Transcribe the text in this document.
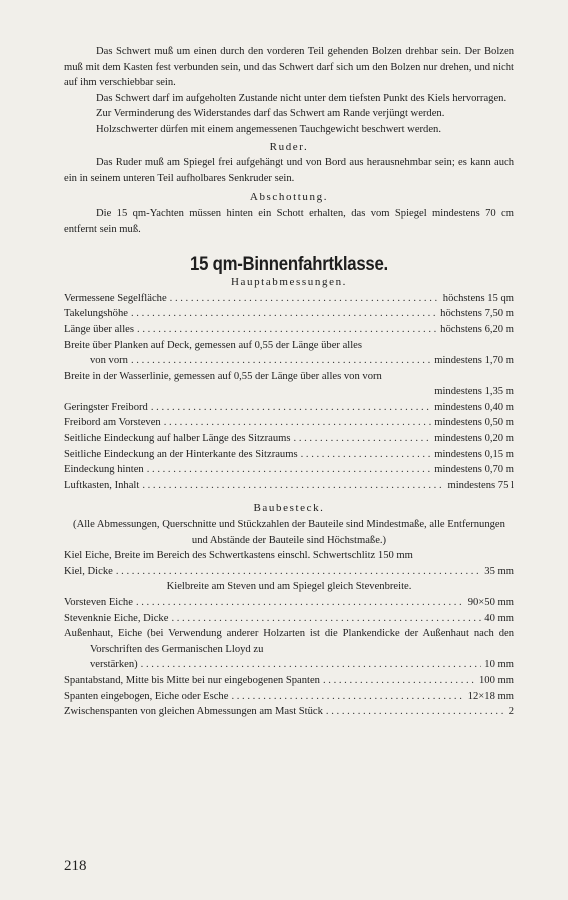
Das Schwert muß um einen durch den vorderen Teil gehenden Bolzen drehbar sein. Der Bolzen muß mit dem Kasten fest verbunden sein, und das Schwert darf sich um den Bolzen nur drehen, und nicht auf ihm verschiebbar sein.

Das Schwert darf im aufgeholten Zustande nicht unter dem tiefsten Punkt des Kiels hervorragen.

Zur Verminderung des Widerstandes darf das Schwert am Rande verjüngt werden.

Holzschwerter dürfen mit einem angemessenen Tauchgewicht beschwert werden.

Ruder.

Das Ruder muß am Spiegel frei aufgehängt und von Bord aus herausnehmbar sein; es kann auch ein in seinem unteren Teil aufholbares Senkruder sein.

Abschottung.

Die 15 qm-Yachten müssen hinten ein Schott erhalten, das vom Spiegel mindestens 70 cm entfernt sein muß.

15 qm-Binnenfahrtklasse.
Hauptabmessungen.
Vermessene Segelfläche . . .	höchstens 15 qm
Takelungshöhe . . .	höchstens 7,50 m
Länge über alles . . .	höchstens 6,20 m

Breite über Planken auf Deck, gemessen auf 0,55 der Länge über alles

von vorn . . .	mindestens 1,70 m

Breite in der Wasserlinie, gemessen auf 0,55 der Länge über alles von vorn

mindestens 1,35 m
Geringster Freibord . . .	mindestens 0,40 m
Freibord am Vorsteven . . .	mindestens 0,50 m
Seitliche Eindeckung auf halber Länge des Sitzraums . . .	mindestens 0,20 m
Seitliche Eindeckung an der Hinterkante des Sitzraums . . .	mindestens 0,15 m
Eindeckung hinten . . .	mindestens 0,70 m
Luftkasten, Inhalt . . .	mindestens 75 l
Baubesteck.

(Alle Abmessungen, Querschnitte und Stückzahlen der Bauteile sind Mindestmaße, alle Entfernungen und Abstände der Bauteile sind Höchstmaße.)

Kiel Eiche, Breite im Bereich des Schwertkastens einschl. Schwertschlitz 150 mm

Kiel, Dicke . . .	35 mm

Kielbreite am Steven und am Spiegel gleich Stevenbreite.

Vorsteven Eiche . . .	90×50 mm
Stevenknie Eiche, Dicke . . .	40 mm

Außenhaut, Eiche (bei Verwendung anderer Holzarten ist die Plankendicke der Außenhaut nach den Vorschriften des Germanischen Lloyd zu

verstärken) . . .	10 mm
Spantabstand, Mitte bis Mitte bei nur eingebogenen Spanten . . .	100 mm
Spanten eingebogen, Eiche oder Esche . . .	12×18 mm
Zwischenspanten von gleichen Abmessungen am Mast Stück . . .	2
218
